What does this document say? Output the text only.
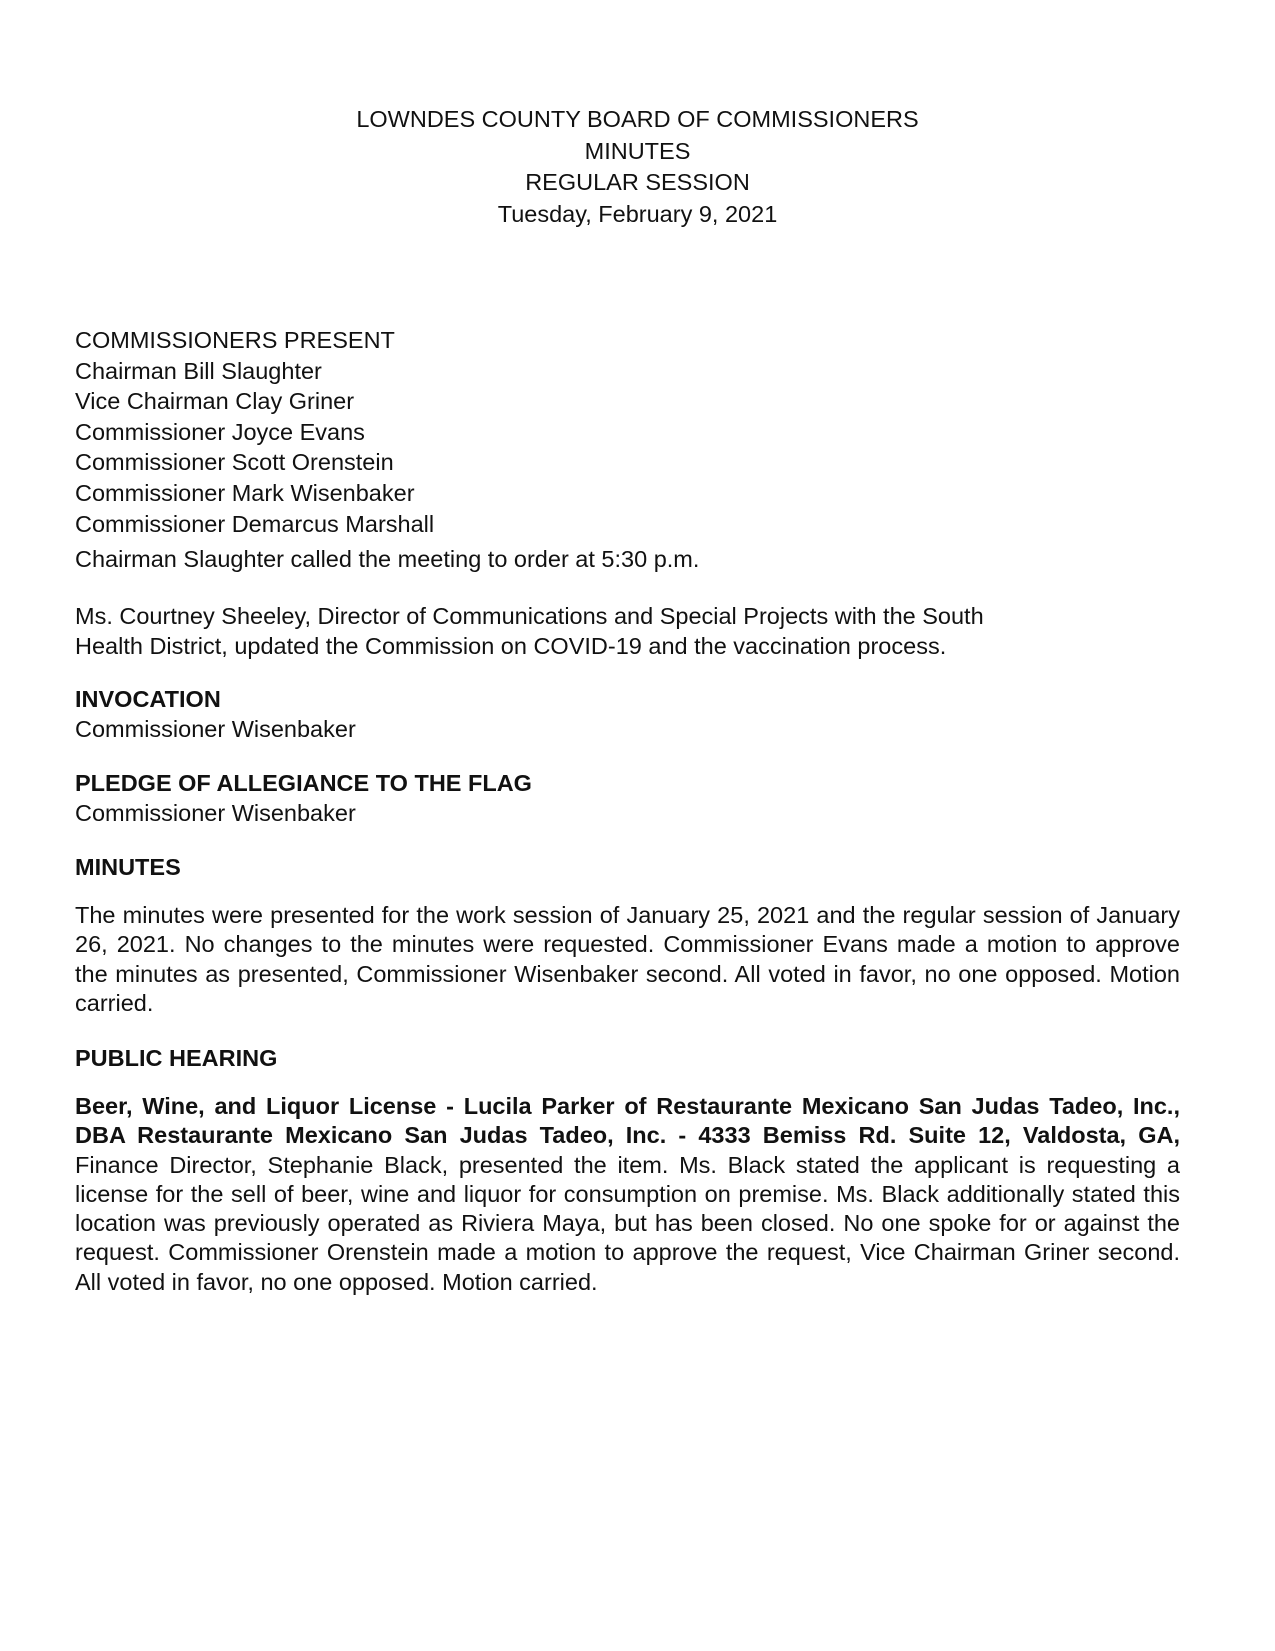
LOWNDES COUNTY BOARD OF COMMISSIONERS
MINUTES
REGULAR SESSION
Tuesday, February 9, 2021
COMMISSIONERS PRESENT
Chairman Bill Slaughter
Vice Chairman Clay Griner
Commissioner Joyce Evans
Commissioner Scott Orenstein
Commissioner Mark Wisenbaker
Commissioner Demarcus Marshall

Chairman Slaughter called the meeting to order at 5:30 p.m.

Ms. Courtney Sheeley, Director of Communications and Special Projects with the South
Health District, updated the Commission on COVID-19 and the vaccination process.

INVOCATION

Commissioner Wisenbaker

PLEDGE OF ALLEGIANCE TO THE FLAG

Commissioner Wisenbaker

MINUTES

The minutes were presented for the work session of January 25, 2021 and the regular session of January 26, 2021. No changes to the minutes were requested. Commissioner Evans made a motion to approve the minutes as presented, Commissioner Wisenbaker second. All voted in favor, no one opposed. Motion carried.

PUBLIC HEARING

Beer, Wine, and Liquor License - Lucila Parker of Restaurante Mexicano San Judas Tadeo, Inc., DBA Restaurante Mexicano San Judas Tadeo, Inc. - 4333 Bemiss Rd. Suite 12, Valdosta, GA, Finance Director, Stephanie Black, presented the item. Ms. Black stated the applicant is requesting a license for the sell of beer, wine and liquor for consumption on premise. Ms. Black additionally stated this location was previously operated as Riviera Maya, but has been closed. No one spoke for or against the request. Commissioner Orenstein made a motion to approve the request, Vice Chairman Griner second. All voted in favor, no one opposed. Motion carried.
